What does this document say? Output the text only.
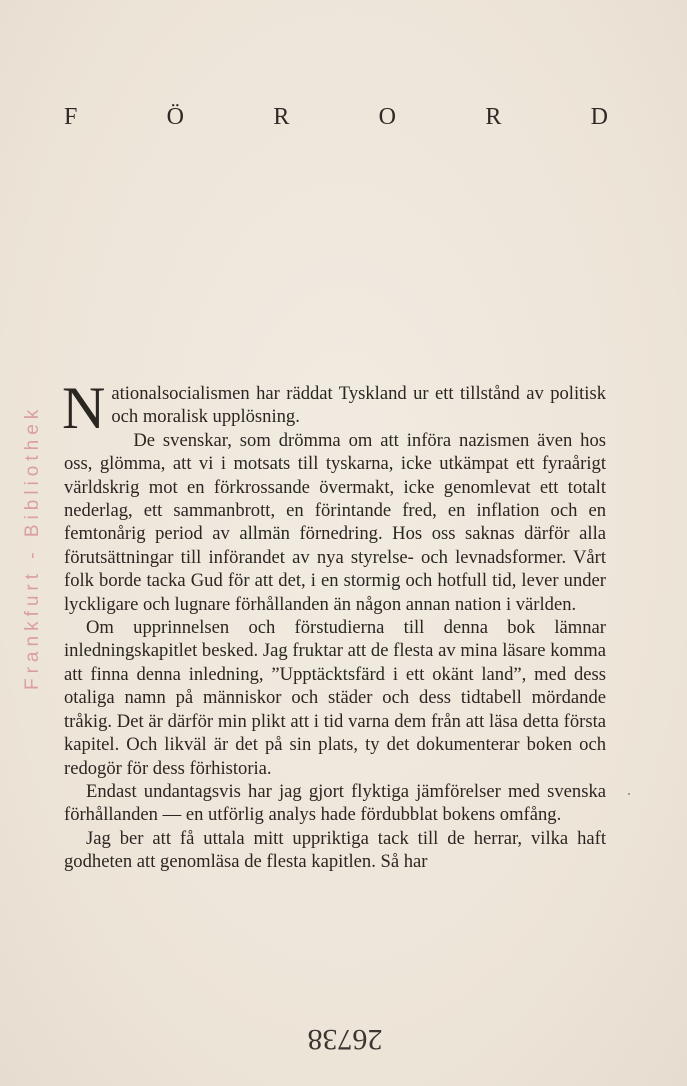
F	Ö	R	O	R	D
Frankfurt - Bibliothek Nationalsocialismen har räddat Tyskland ur ett tillstånd av politisk och moralisk upplösning.

De svenskar, som drömma om att införa nazismen även hos oss, glömma, att vi i motsats till tyskarna, icke utkämpat ett fyraårigt världskrig mot en förkrossande övermakt, icke genomlevat ett totalt nederlag, ett sammanbrott, en förintande fred, en inflation och en femtonårig period av allmän förnedring. Hos oss saknas därför alla förutsättningar till införandet av nya styrelse- och levnadsformer. Vårt folk borde tacka Gud för att det, i en stormig och hotfull tid, lever under lyckligare och lugnare förhållanden än någon annan nation i världen.

Om upprinnelsen och förstudierna till denna bok lämnar inledningskapitlet besked. Jag fruktar att de flesta av mina läsare komma att finna denna inledning, ”Upptäcktsfärd i ett okänt land”, med dess otaliga namn på människor och städer och dess tidtabell mördande tråkig. Det är därför min plikt att i tid varna dem från att läsa detta första kapitel. Och likväl är det på sin plats, ty det dokumenterar boken och redogör för dess förhistoria.

Endast undantagsvis har jag gjort flyktiga jämförelser med svenska förhållanden — en utförlig analys hade fördubblat bokens omfång.

Jag ber att få uttala mitt uppriktiga tack till de herrar, vilka haft godheten att genomläsa de flesta kapitlen. Så har

26738
